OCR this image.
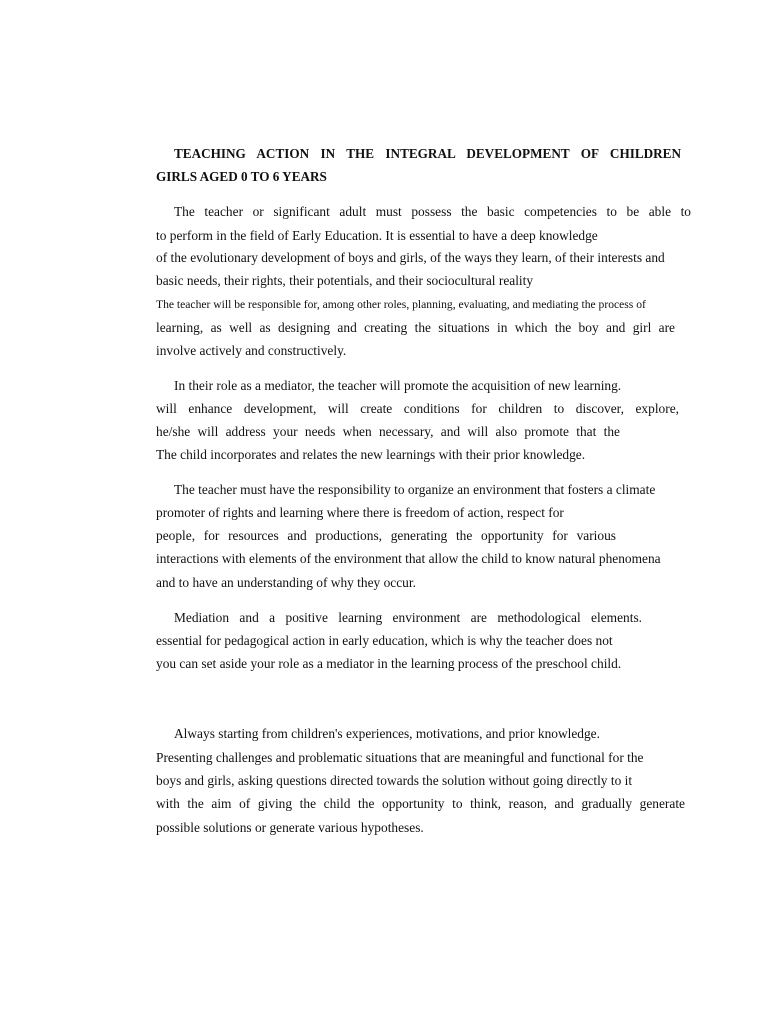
TEACHING ACTION IN THE INTEGRAL DEVELOPMENT OF CHILDREN
GIRLS AGED 0 TO 6 YEARS
The teacher or significant adult must possess the basic competencies to be able to
to perform in the field of Early Education. It is essential to have a deep knowledge
of the evolutionary development of boys and girls, of the ways they learn, of their interests and
basic needs, their rights, their potentials, and their sociocultural reality
The teacher will be responsible for, among other roles, planning, evaluating, and mediating the process of
learning, as well as designing and creating the situations in which the boy and girl are
involve actively and constructively.
In their role as a mediator, the teacher will promote the acquisition of new learning.
will enhance development, will create conditions for children to discover, explore,
he/she will address your needs when necessary, and will also promote that the
The child incorporates and relates the new learnings with their prior knowledge.
The teacher must have the responsibility to organize an environment that fosters a climate
promoter of rights and learning where there is freedom of action, respect for
people, for resources and productions, generating the opportunity for various
interactions with elements of the environment that allow the child to know natural phenomena
and to have an understanding of why they occur.
Mediation and a positive learning environment are methodological elements.
essential for pedagogical action in early education, which is why the teacher does not
you can set aside your role as a mediator in the learning process of the preschool child.
Always starting from children's experiences, motivations, and prior knowledge.
Presenting challenges and problematic situations that are meaningful and functional for the
boys and girls, asking questions directed towards the solution without going directly to it
with the aim of giving the child the opportunity to think, reason, and gradually generate
possible solutions or generate various hypotheses.
